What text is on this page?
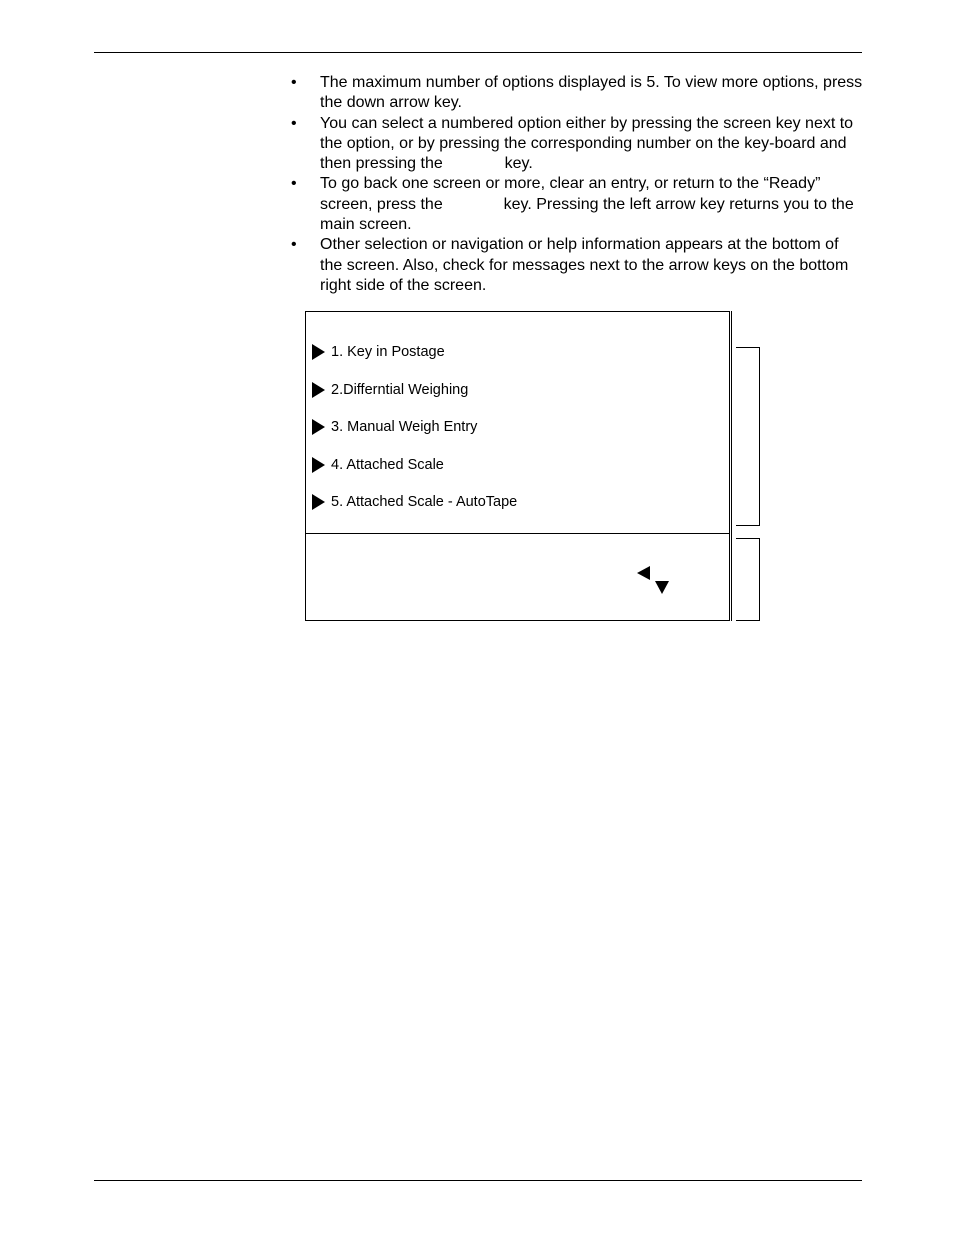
• The maximum number of options displayed is 5. To view more options, press the down arrow key.
• You can select a numbered option either by pressing the screen key next to the option, or by pressing the corresponding number on the key-board and then pressing the	key.
• To go back one screen or more, clear an entry, or return to the “Ready” screen, press the	key. Pressing the left arrow key returns you to the main screen.
• Other selection or navigation or help information appears at the bottom of the screen. Also, check for messages next to the arrow keys on the bottom right side of the screen.
1. Key in Postage
2.Differntial Weighing
3. Manual Weigh Entry
4. Attached Scale
5. Attached Scale - AutoTape
